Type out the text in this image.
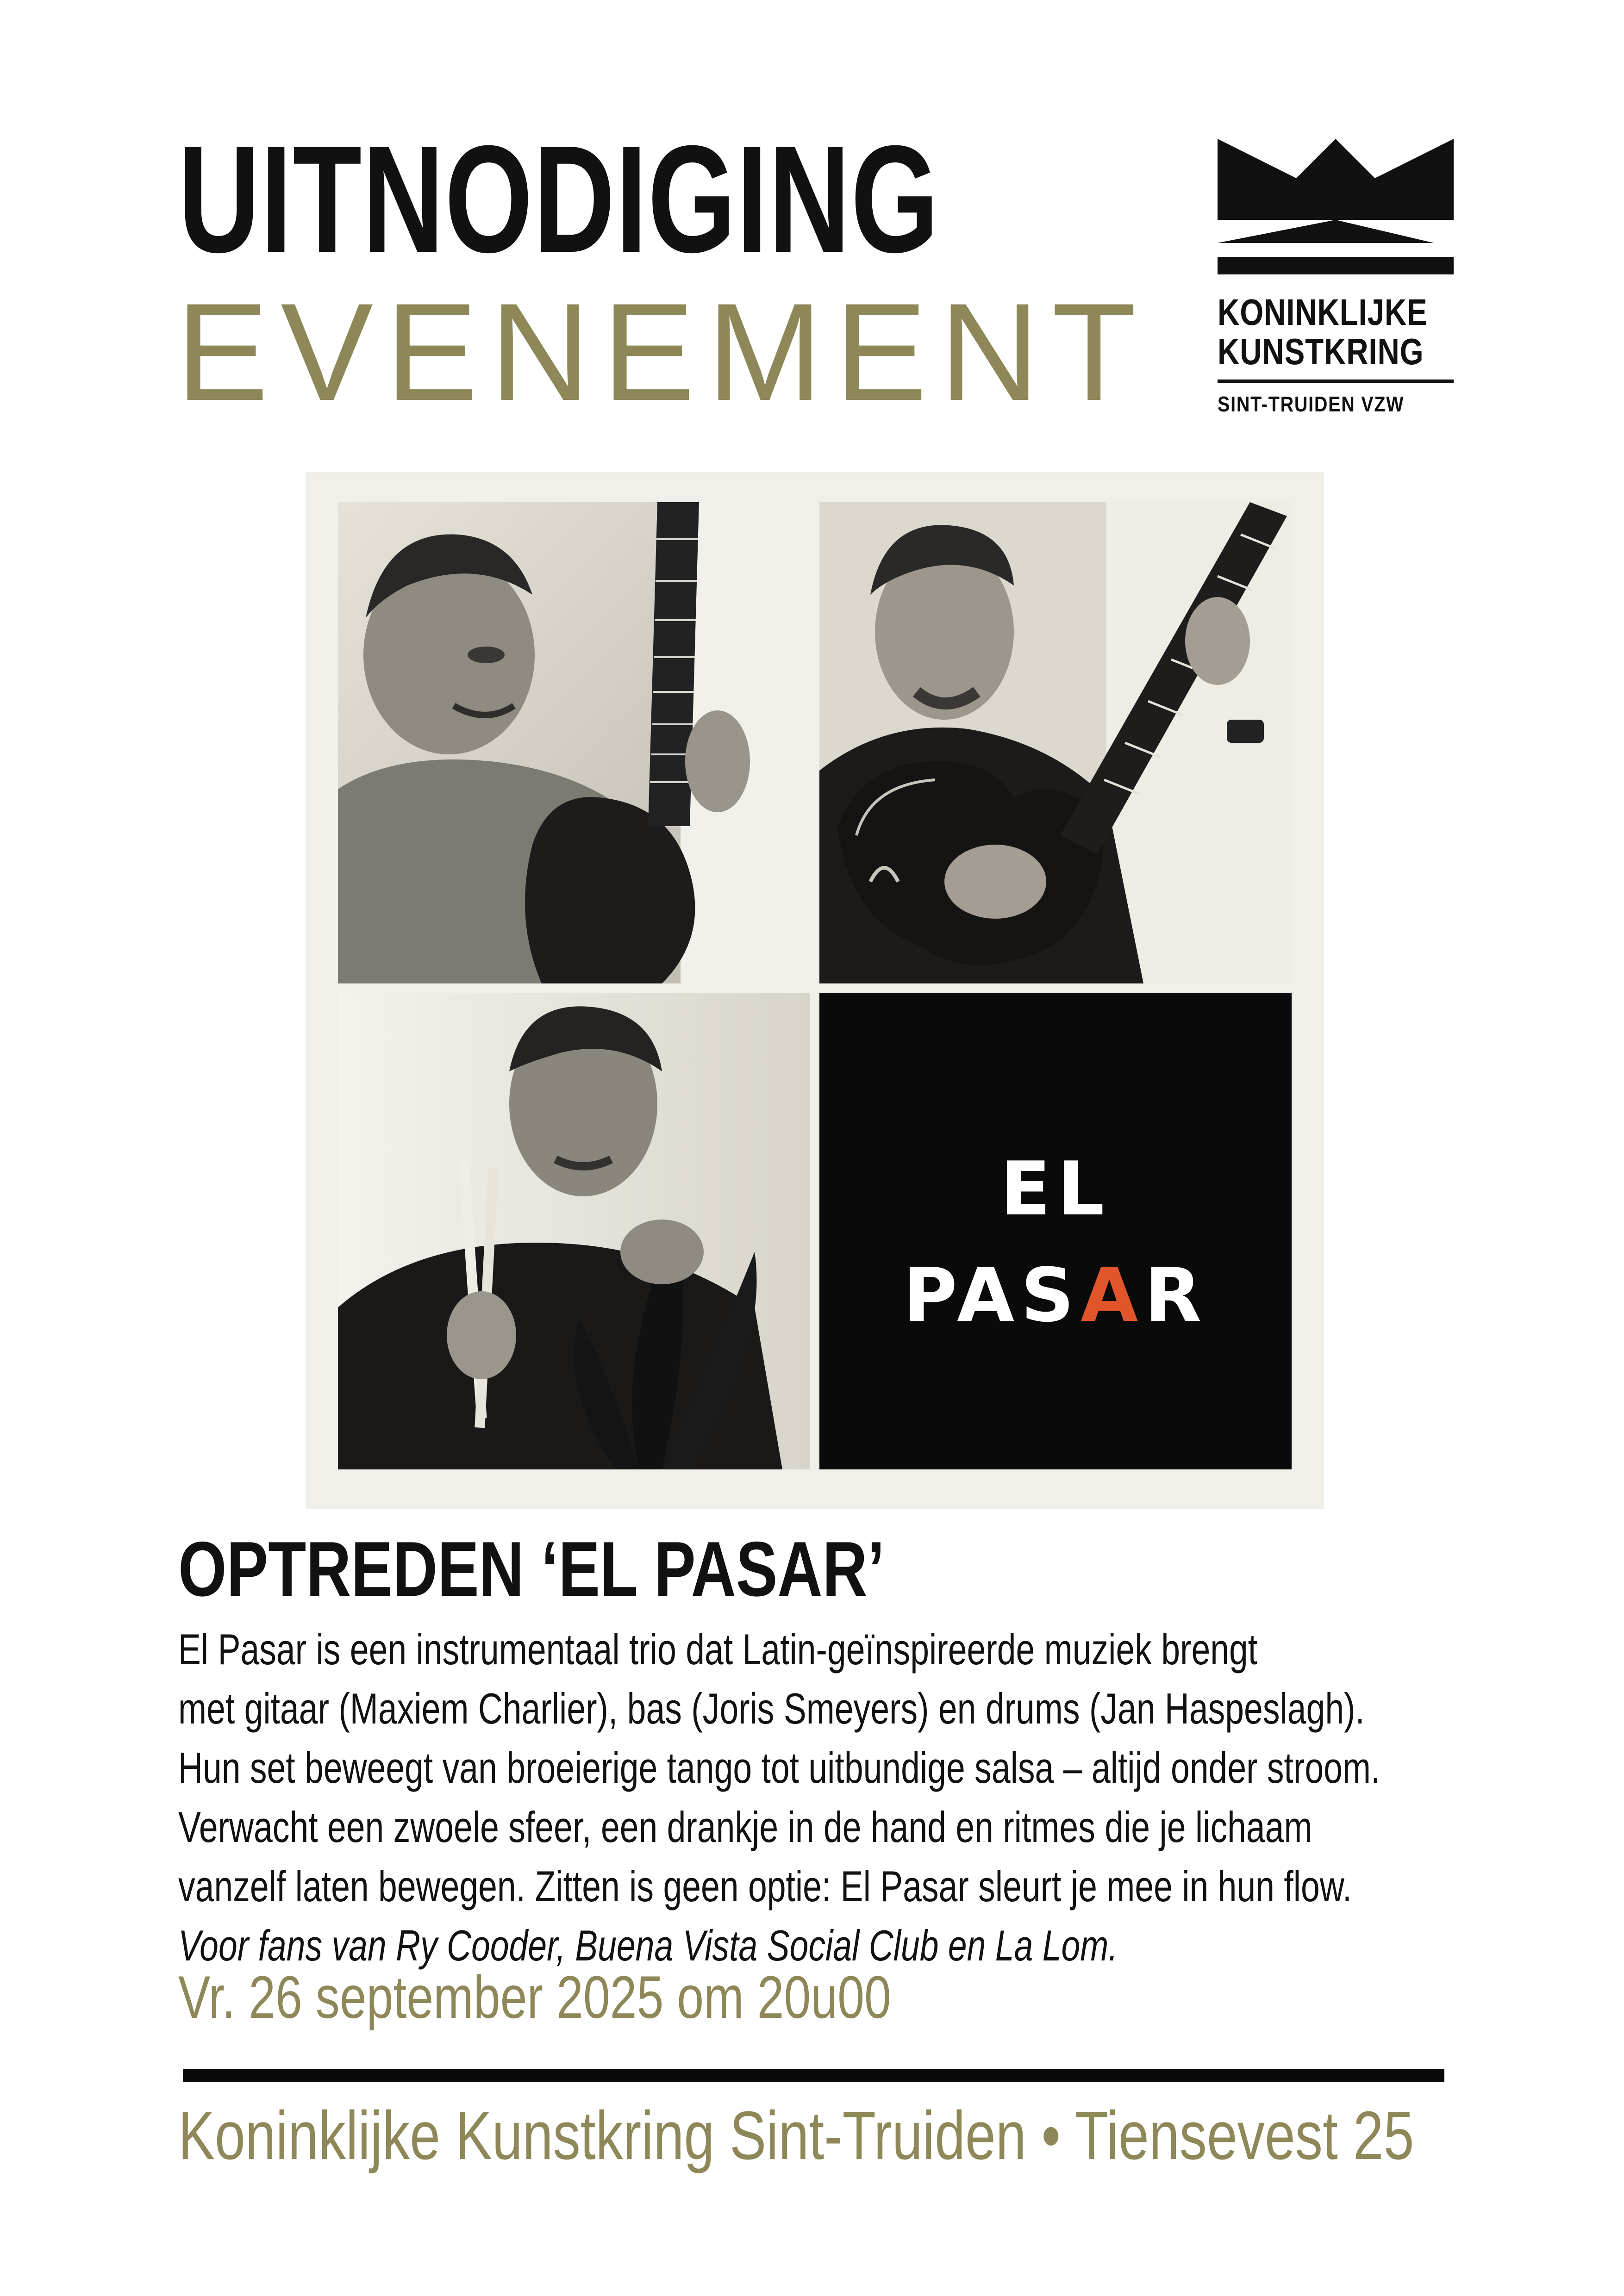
UITNODIGING
EVENEMENT	KONINKLIJKE
KUNSTKRING
SINT-TRUIDEN VZW
EL
PASAR
OPTREDEN ‘EL PASAR’
El Pasar is een instrumentaal trio dat Latin-geïnspireerde muziek brengt
met gitaar (Maxiem Charlier), bas (Joris Smeyers) en drums (Jan Haspeslagh).
Hun set beweegt van broeierige tango tot uitbundige salsa – altijd onder stroom.
Verwacht een zwoele sfeer, een drankje in de hand en ritmes die je lichaam
vanzelf laten bewegen. Zitten is geen optie: El Pasar sleurt je mee in hun flow.
Voor fans van Ry Cooder, Buena Vista Social Club en La Lom.
Vr. 26 september 2025 om 20u00
Koninklijke Kunstkring Sint-Truiden • Tiensevest 25
